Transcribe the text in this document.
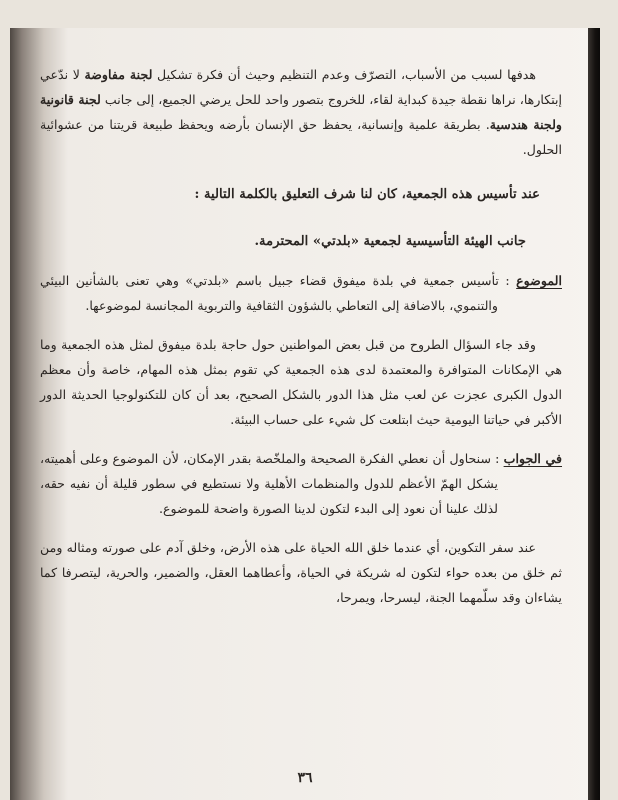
هدفها لسبب من الأسباب، التصرّف وعدم التنظيم وحيث أن فكرة تشكيل لجنة مفاوضة لا ندّعي إبتكارها، نراها نقطة جيدة كبداية لقاء، للخروج بتصور واحد للحل يرضي الجميع، إلى جانب لجنة قانونية ولجنة هندسية. بطريقة علمية وإنسانية، يحفظ حق الإنسان بأرضه ويحفظ طبيعة قريتنا من عشوائية الحلول.

عند تأسيس هذه الجمعية، كان لنا شرف التعليق بالكلمة التالية :

جانب الهيئة التأسيسية لجمعية «بلدتي» المحترمة.

الموضوع : تأسيس جمعية في بلدة ميفوق قضاء جبيل باسم «بلدتي» وهي تعنى بالشأنين البيئي والتنموي، بالاضافة إلى التعاطي بالشؤون الثقافية والتربوية المجانسة لموضوعها.

وقد جاء السؤال الطروح من قبل بعض المواطنين حول حاجة بلدة ميفوق لمثل هذه الجمعية وما هي الإمكانات المتوافرة والمعتمدة لدى هذه الجمعية كي تقوم بمثل هذه المهام، خاصة وأن معظم الدول الكبرى عجزت عن لعب مثل هذا الدور بالشكل الصحيح، بعد أن كان للتكنولوجيا الحديثة الدور الأكبر في حياتنا اليومية حيث ابتلعت كل شيء على حساب البيئة.

في الجواب : سنحاول أن نعطي الفكرة الصحيحة والملخّصة بقدر الإمكان، لأن الموضوع وعلى أهميته، يشكل الهمّ الأعظم للدول والمنظمات الأهلية ولا نستطيع في سطور قليلة أن نفيه حقه، لذلك علينا أن نعود إلى البدء لتكون لدينا الصورة واضحة للموضوع.

عند سفر التكوين، أي عندما خلق الله الحياة على هذه الأرض، وخلق آدم على صورته ومثاله ومن ثم خلق من بعده حواء لتكون له شريكة في الحياة، وأعطاهما العقل، والضمير، والحرية، ليتصرفا كما يشاءان وقد سلّمهما الجنة، ليسرحا، ويمرحا،

٣٦
